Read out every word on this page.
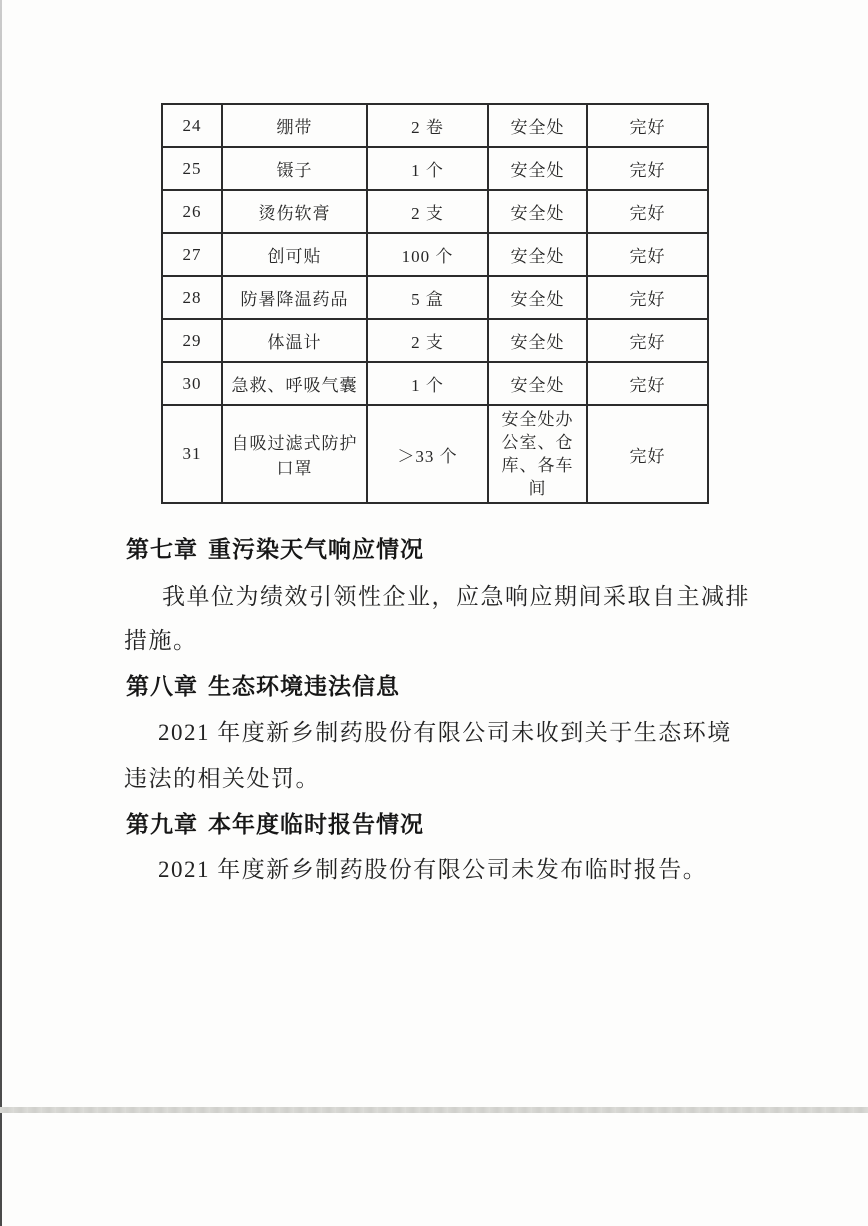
24	绷带	2 卷	安全处	完好
25	镊子	1 个	安全处	完好
26	烫伤软膏	2 支	安全处	完好
27	创可贴	100 个	安全处	完好
28	防暑降温药品	5 盒	安全处	完好
29	体温计	2 支	安全处	完好
30	急救、呼吸气囊	1 个	安全处	完好
31	自吸过滤式防护口罩	＞33 个	安全处办公室、仓库、各车间	完好
第七章 重污染天气响应情况
我单位为绩效引领性企业，应急响应期间采取自主减排
措施。
第八章 生态环境违法信息
2021 年度新乡制药股份有限公司未收到关于生态环境
违法的相关处罚。
第九章 本年度临时报告情况
2021 年度新乡制药股份有限公司未发布临时报告。
